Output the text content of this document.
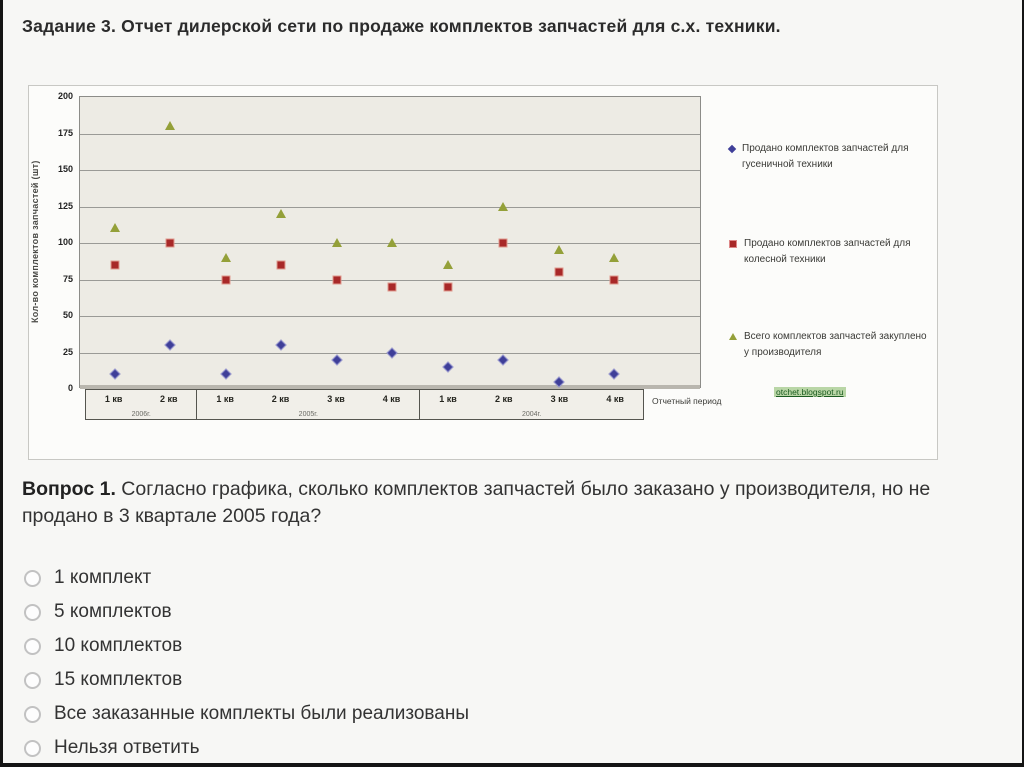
Задание 3. Отчет дилерской сети по продаже комплектов запчастей для с.х. техники.
Кол-во комплектов запчастей (шт)
0
25
50
75
100
125
150
175
200
1 кв	2 кв
2006г.
1 кв	2 кв	3 кв	4 кв
2005г.
1 кв	2 кв	3 кв	4 кв
2004г.
Отчетный период
otchet.blogspot.ru
Продано комплектов запчастей для гусеничной техники
Продано комплектов запчастей для колесной техники
Всего комплектов запчастей закуплено у производителя
Вопрос 1. Согласно графика, сколько комплектов запчастей было заказано у производителя, но не продано в 3 квартале 2005 года?
1 комплект
5 комплектов
10 комплектов
15 комплектов
Все заказанные комплекты были реализованы
Нельзя ответить
